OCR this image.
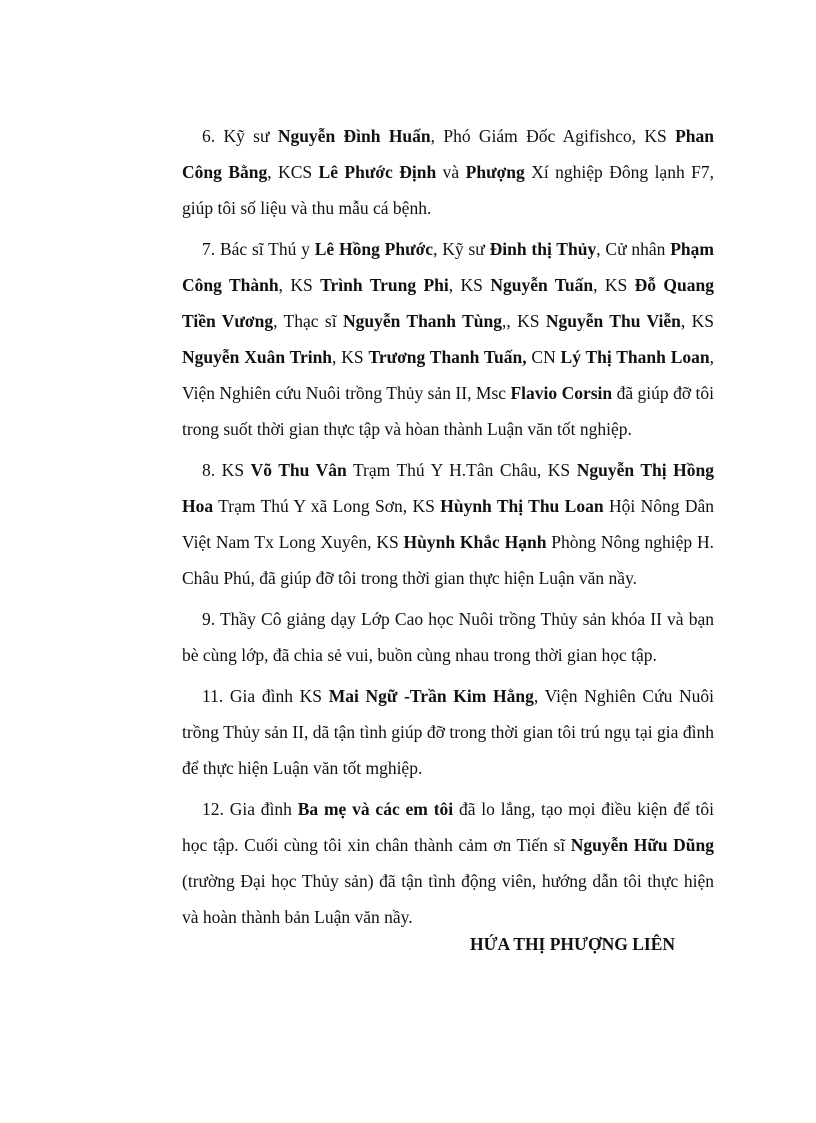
6. Kỹ sư Nguyễn Đình Huấn, Phó Giám Đốc Agifishco, KS Phan Công Bằng, KCS Lê Phước Định và Phượng Xí nghiệp Đông lạnh F7, giúp tôi số liệu và thu mẫu cá bệnh.

7. Bác sĩ Thú y Lê Hồng Phước, Kỹ sư Đinh thị Thủy, Cử nhân Phạm Công Thành, KS Trình Trung Phi, KS Nguyễn Tuấn, KS Đỗ Quang Tiền Vương, Thạc sĩ Nguyễn Thanh Tùng,, KS Nguyễn Thu Viễn, KS Nguyễn Xuân Trinh, KS Trương Thanh Tuấn, CN Lý Thị Thanh Loan, Viện Nghiên cứu Nuôi trồng Thủy sản II, Msc Flavio Corsin đã giúp đỡ tôi trong suốt thời gian thực tập và hòan thành Luận văn tốt nghiệp.

8. KS Võ Thu Vân Trạm Thú Y H.Tân Châu, KS Nguyễn Thị Hồng Hoa Trạm Thú Y xã Long Sơn, KS Hùynh Thị Thu Loan Hội Nông Dân Việt Nam Tx Long Xuyên, KS Hùynh Khắc Hạnh Phòng Nông nghiệp H. Châu Phú, đã giúp đỡ tôi trong thời gian thực hiện Luận văn nầy.

9. Thầy Cô giảng dạy Lớp Cao học Nuôi trồng Thủy sản khóa II và bạn bè cùng lớp, đã chia sẻ vui, buồn cùng nhau trong thời gian học tập.

11. Gia đình KS Mai Ngữ -Trần Kim Hằng, Viện Nghiên Cứu Nuôi trồng Thủy sản II, dã tận tình giúp đỡ trong thời gian tôi trú ngụ tại gia đình để thực hiện Luận văn tốt mghiệp.

12. Gia đình Ba mẹ và các em tôi đã lo lắng, tạo mọi điều kiện để tôi học tập. Cuối cùng tôi xin chân thành cảm ơn Tiến sĩ Nguyễn Hữu Dũng (trường Đại học Thủy sản) đã tận tình động viên, hướng dẫn tôi thực hiện và hoàn thành bản Luận văn nầy.

HỨA THỊ PHƯỢNG LIÊN
